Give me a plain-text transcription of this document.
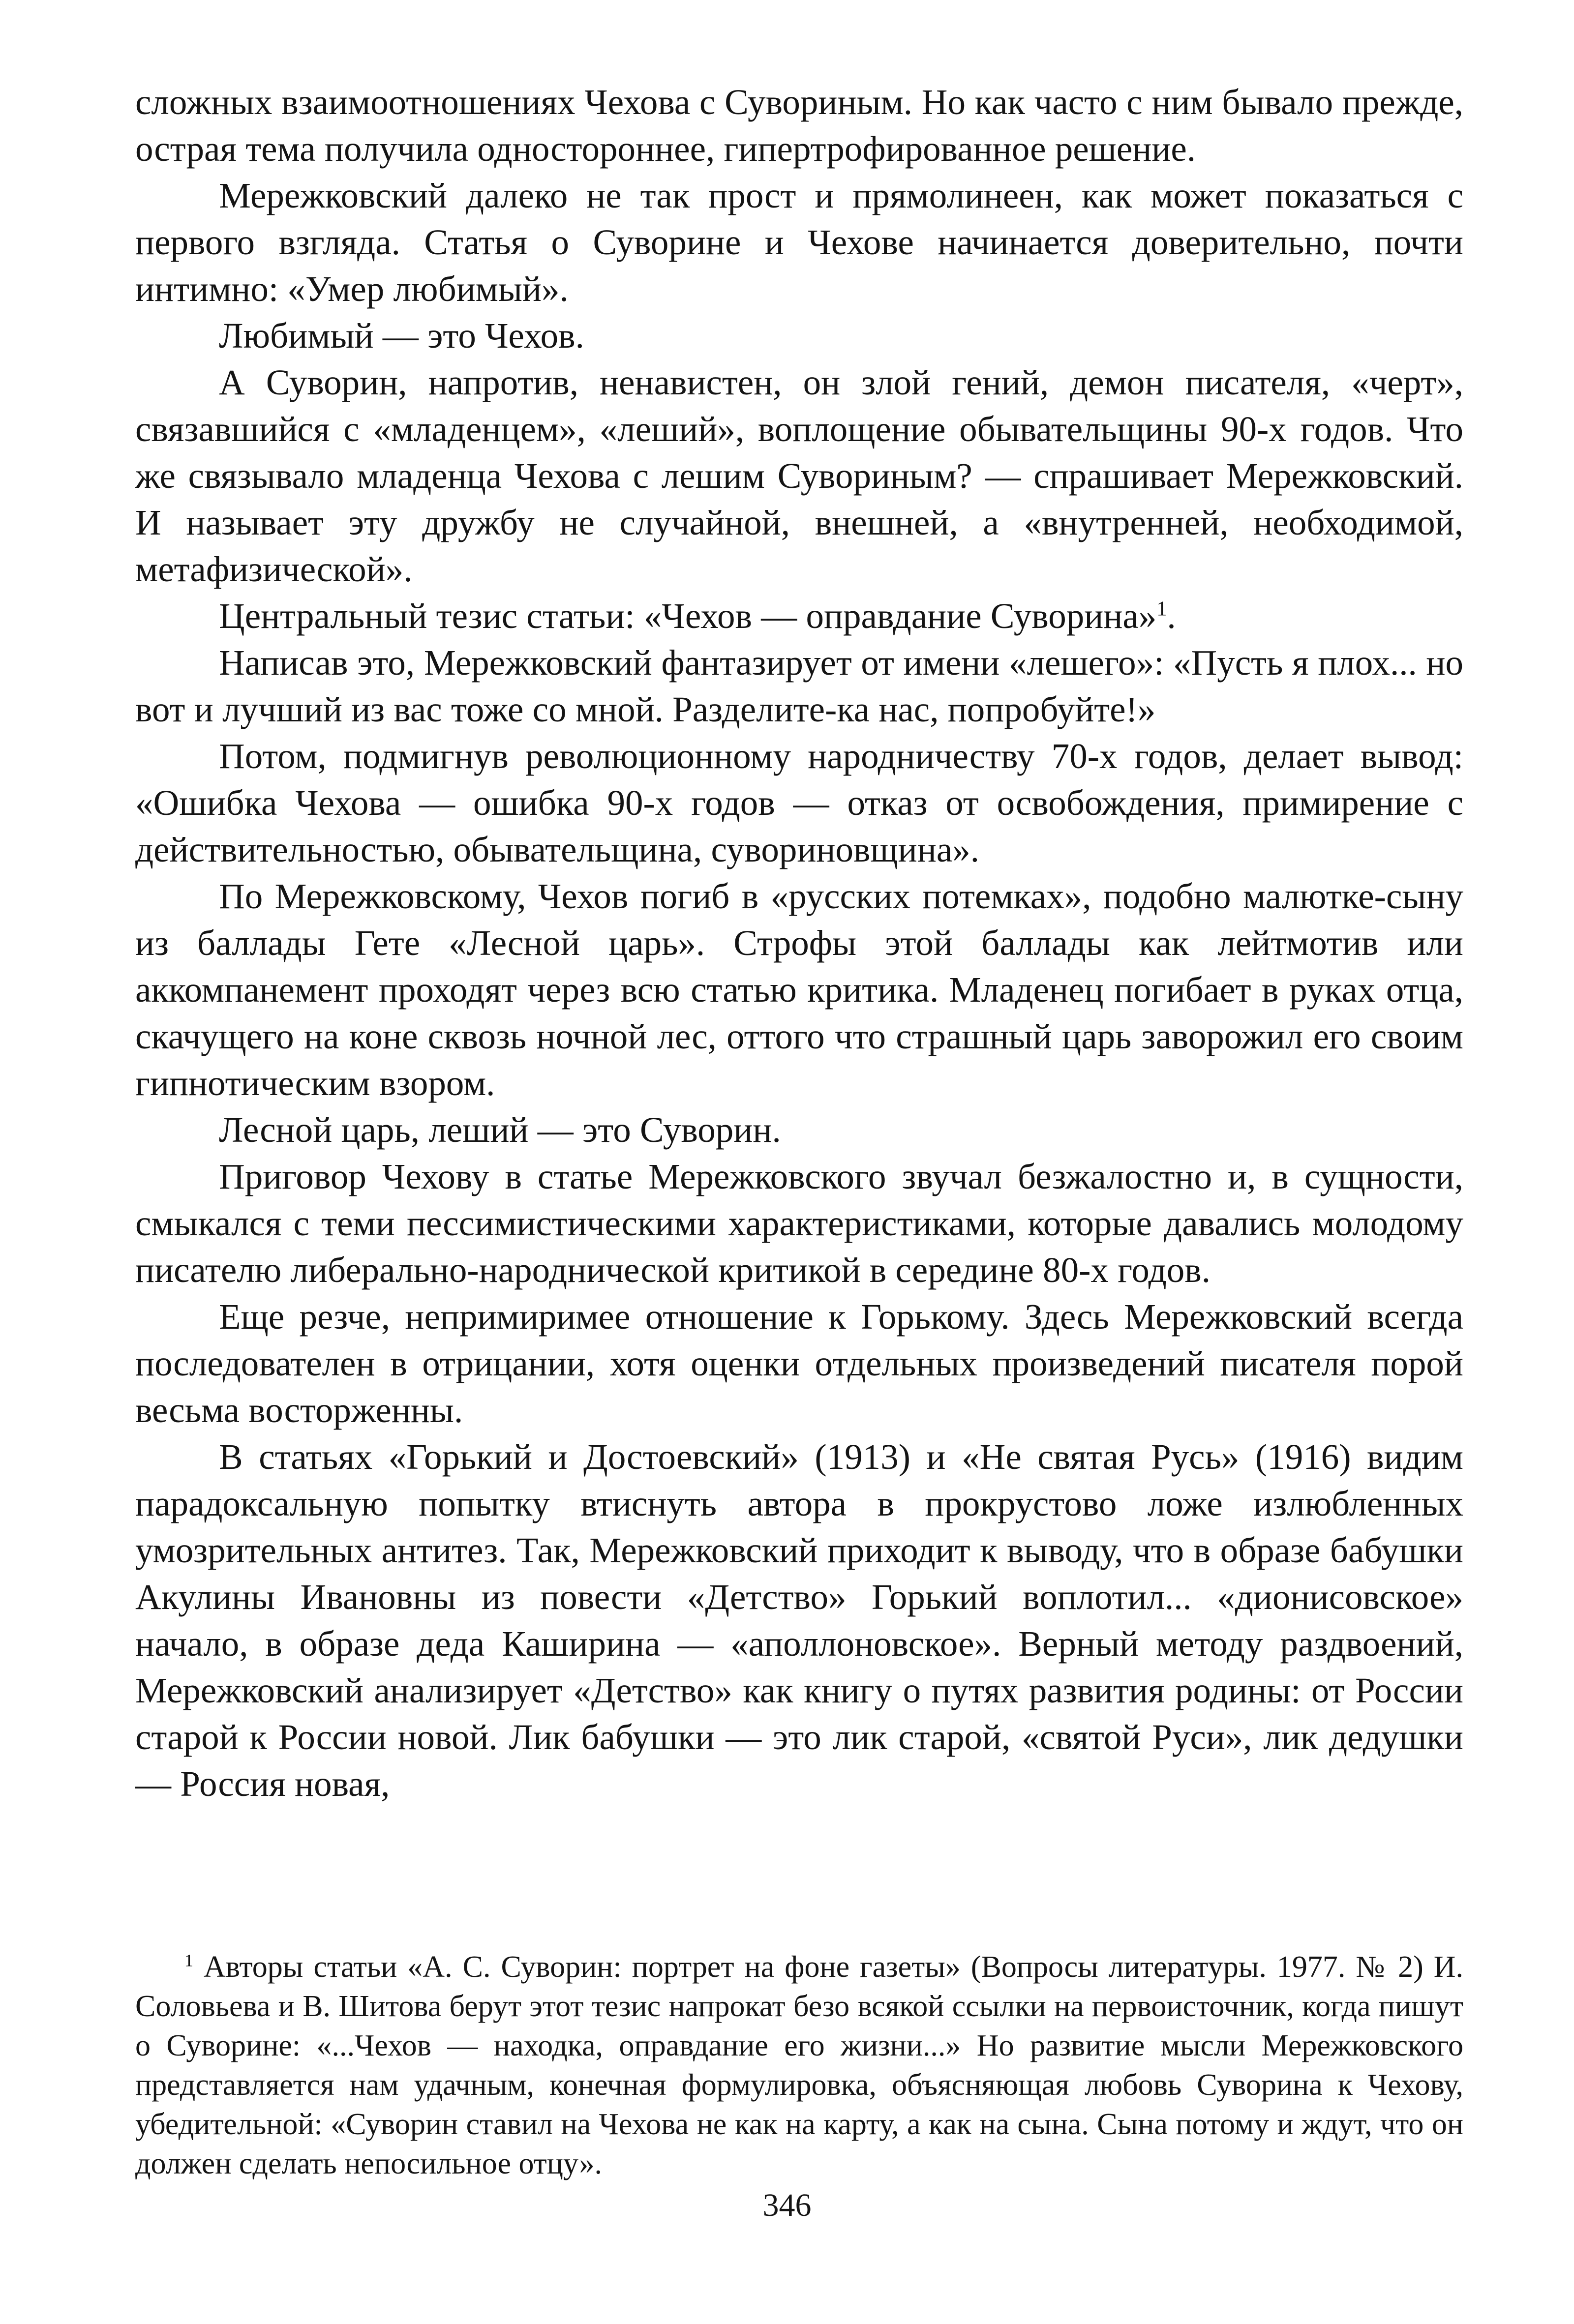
сложных взаимоотношениях Чехова с Сувориным. Но как часто с ним бывало прежде, острая тема получила одностороннее, гипертрофированное решение.

Мережковский далеко не так прост и прямолинеен, как может показаться с первого взгляда. Статья о Суворине и Чехове начинается доверительно, почти интимно: «Умер любимый».

Любимый — это Чехов.

А Суворин, напротив, ненавистен, он злой гений, демон писателя, «черт», связавшийся с «младенцем», «леший», воплощение обывательщины 90-х годов. Что же связывало младенца Чехова с лешим Сувориным? — спрашивает Мережковский. И называет эту дружбу не случайной, внешней, а «внутренней, необходимой, метафизической».

Центральный тезис статьи: «Чехов — оправдание Суворина»$^1$.

Написав это, Мережковский фантазирует от имени «лешего»: «Пусть я плох... но вот и лучший из вас тоже со мной. Разделите-ка нас, попробуйте!»

Потом, подмигнув революционному народничеству 70-х годов, делает вывод: «Ошибка Чехова — ошибка 90-х годов — отказ от освобождения, примирение с действительностью, обывательщина, суворинoвщина».

По Мережковскому, Чехов погиб в «русских потемках», подобно малютке-сыну из баллады Гете «Лесной царь». Строфы этой баллады как лейтмотив или аккомпанемент проходят через всю статью критика. Младенец погибает в руках отца, скачущего на коне сквозь ночной лес, оттого что страшный царь заворожил его своим гипнотическим взором.

Лесной царь, леший — это Суворин.

Приговор Чехову в статье Мережковского звучал безжалостно и, в сущности, смыкался с теми пессимистическими характеристиками, которые давались молодому писателю либерально-народнической критикой в середине 80-х годов.

Еще резче, непримиримее отношение к Горькому. Здесь Мережковский всегда последователен в отрицании, хотя оценки отдельных произведений писателя порой весьма восторженны.

В статьях «Горький и Достоевский» (1913) и «Не святая Русь» (1916) видим парадоксальную попытку втиснуть автора в прокрустово ложе излюбленных умозрительных антитез. Так, Мережковский приходит к выводу, что в образе бабушки Акулины Ивановны из повести «Детство» Горький воплотил... «дионисовское» начало, в образе деда Каширина — «аполлоновское». Верный методу раздвоений, Мережковский анализирует «Детство» как книгу о путях развития родины: от России старой к России новой. Лик бабушки — это лик старой, «святой Руси», лик дедушки — Россия новая,

$^1$ Авторы статьи «А. С. Суворин: портрет на фоне газеты» (Вопросы литературы. 1977. № 2) И. Соловьева и В. Шитова берут этот тезис напрокат безо всякой ссылки на первоисточник, когда пишут о Суворине: «...Чехов — находка, оправдание его жизни...» Но развитие мысли Мережковского представляется нам удачным, конечная формулировка, объясняющая любовь Суворина к Чехову, убедительной: «Суворин ставил на Чехова не как на карту, а как на сына. Сына потому и ждут, что он должен сделать непосильное отцу».

346
